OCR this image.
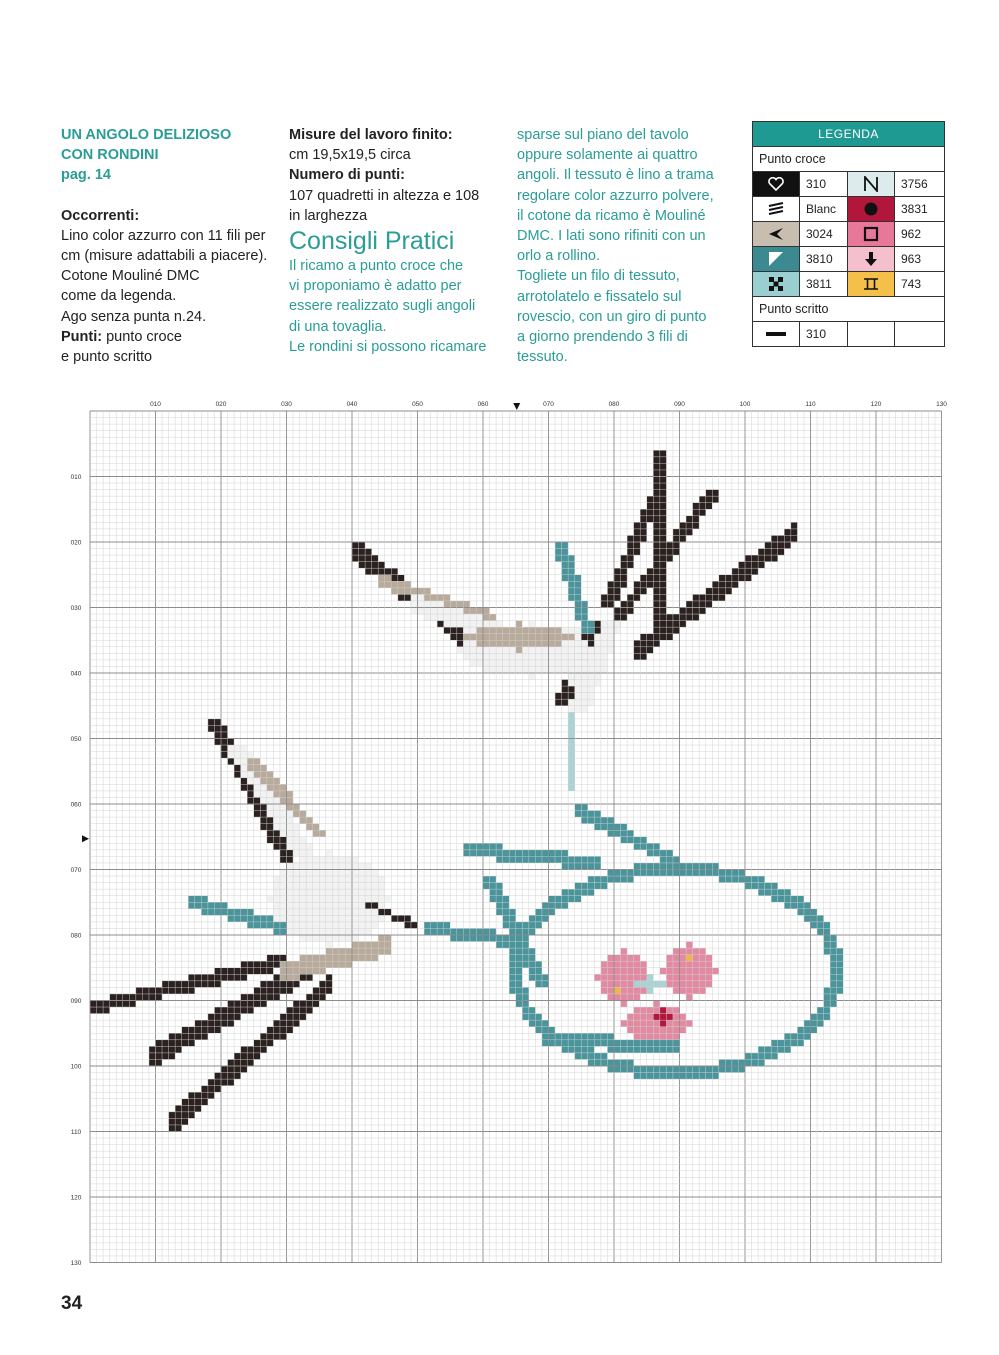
UN ANGOLO DELIZIOSO

CON RONDINI

pag. 14

Occorrenti:

Lino color azzurro con 11 fili per

cm (misure adattabili a piacere).

Cotone Mouliné DMC

come da legenda.

Ago senza punta n.24.

Punti: punto croce

e punto scritto

Misure del lavoro finito:

cm 19,5x19,5 circa

Numero di punti:

107 quadretti in altezza e 108

in larghezza

Consigli Pratici

Il ricamo a punto croce che

vi proponiamo è adatto per

essere realizzato sugli angoli

di una tovaglia.

Le rondini si possono ricamare

sparse sul piano del tavolo

oppure solamente ai quattro

angoli. Il tessuto è lino a trama

regolare color azzurro polvere,

il cotone da ricamo è Mouliné

DMC. I lati sono rifiniti con un

orlo a rollino.

Togliete un filo di tessuto,

arrotolatelo e fissatelo sul

rovescio, con un giro di punto

a giorno prendendo 3 fili di

tessuto.

LEGENDA
Punto croce
310	3756
Blanc	3831
3024	962
3810	963
3811	743
Punto scritto
310
010	020	030	040	050	060	070	080	090	100	110	120	130
010
020
030
040
050
060
070
080
090
100
110
120
130
34
